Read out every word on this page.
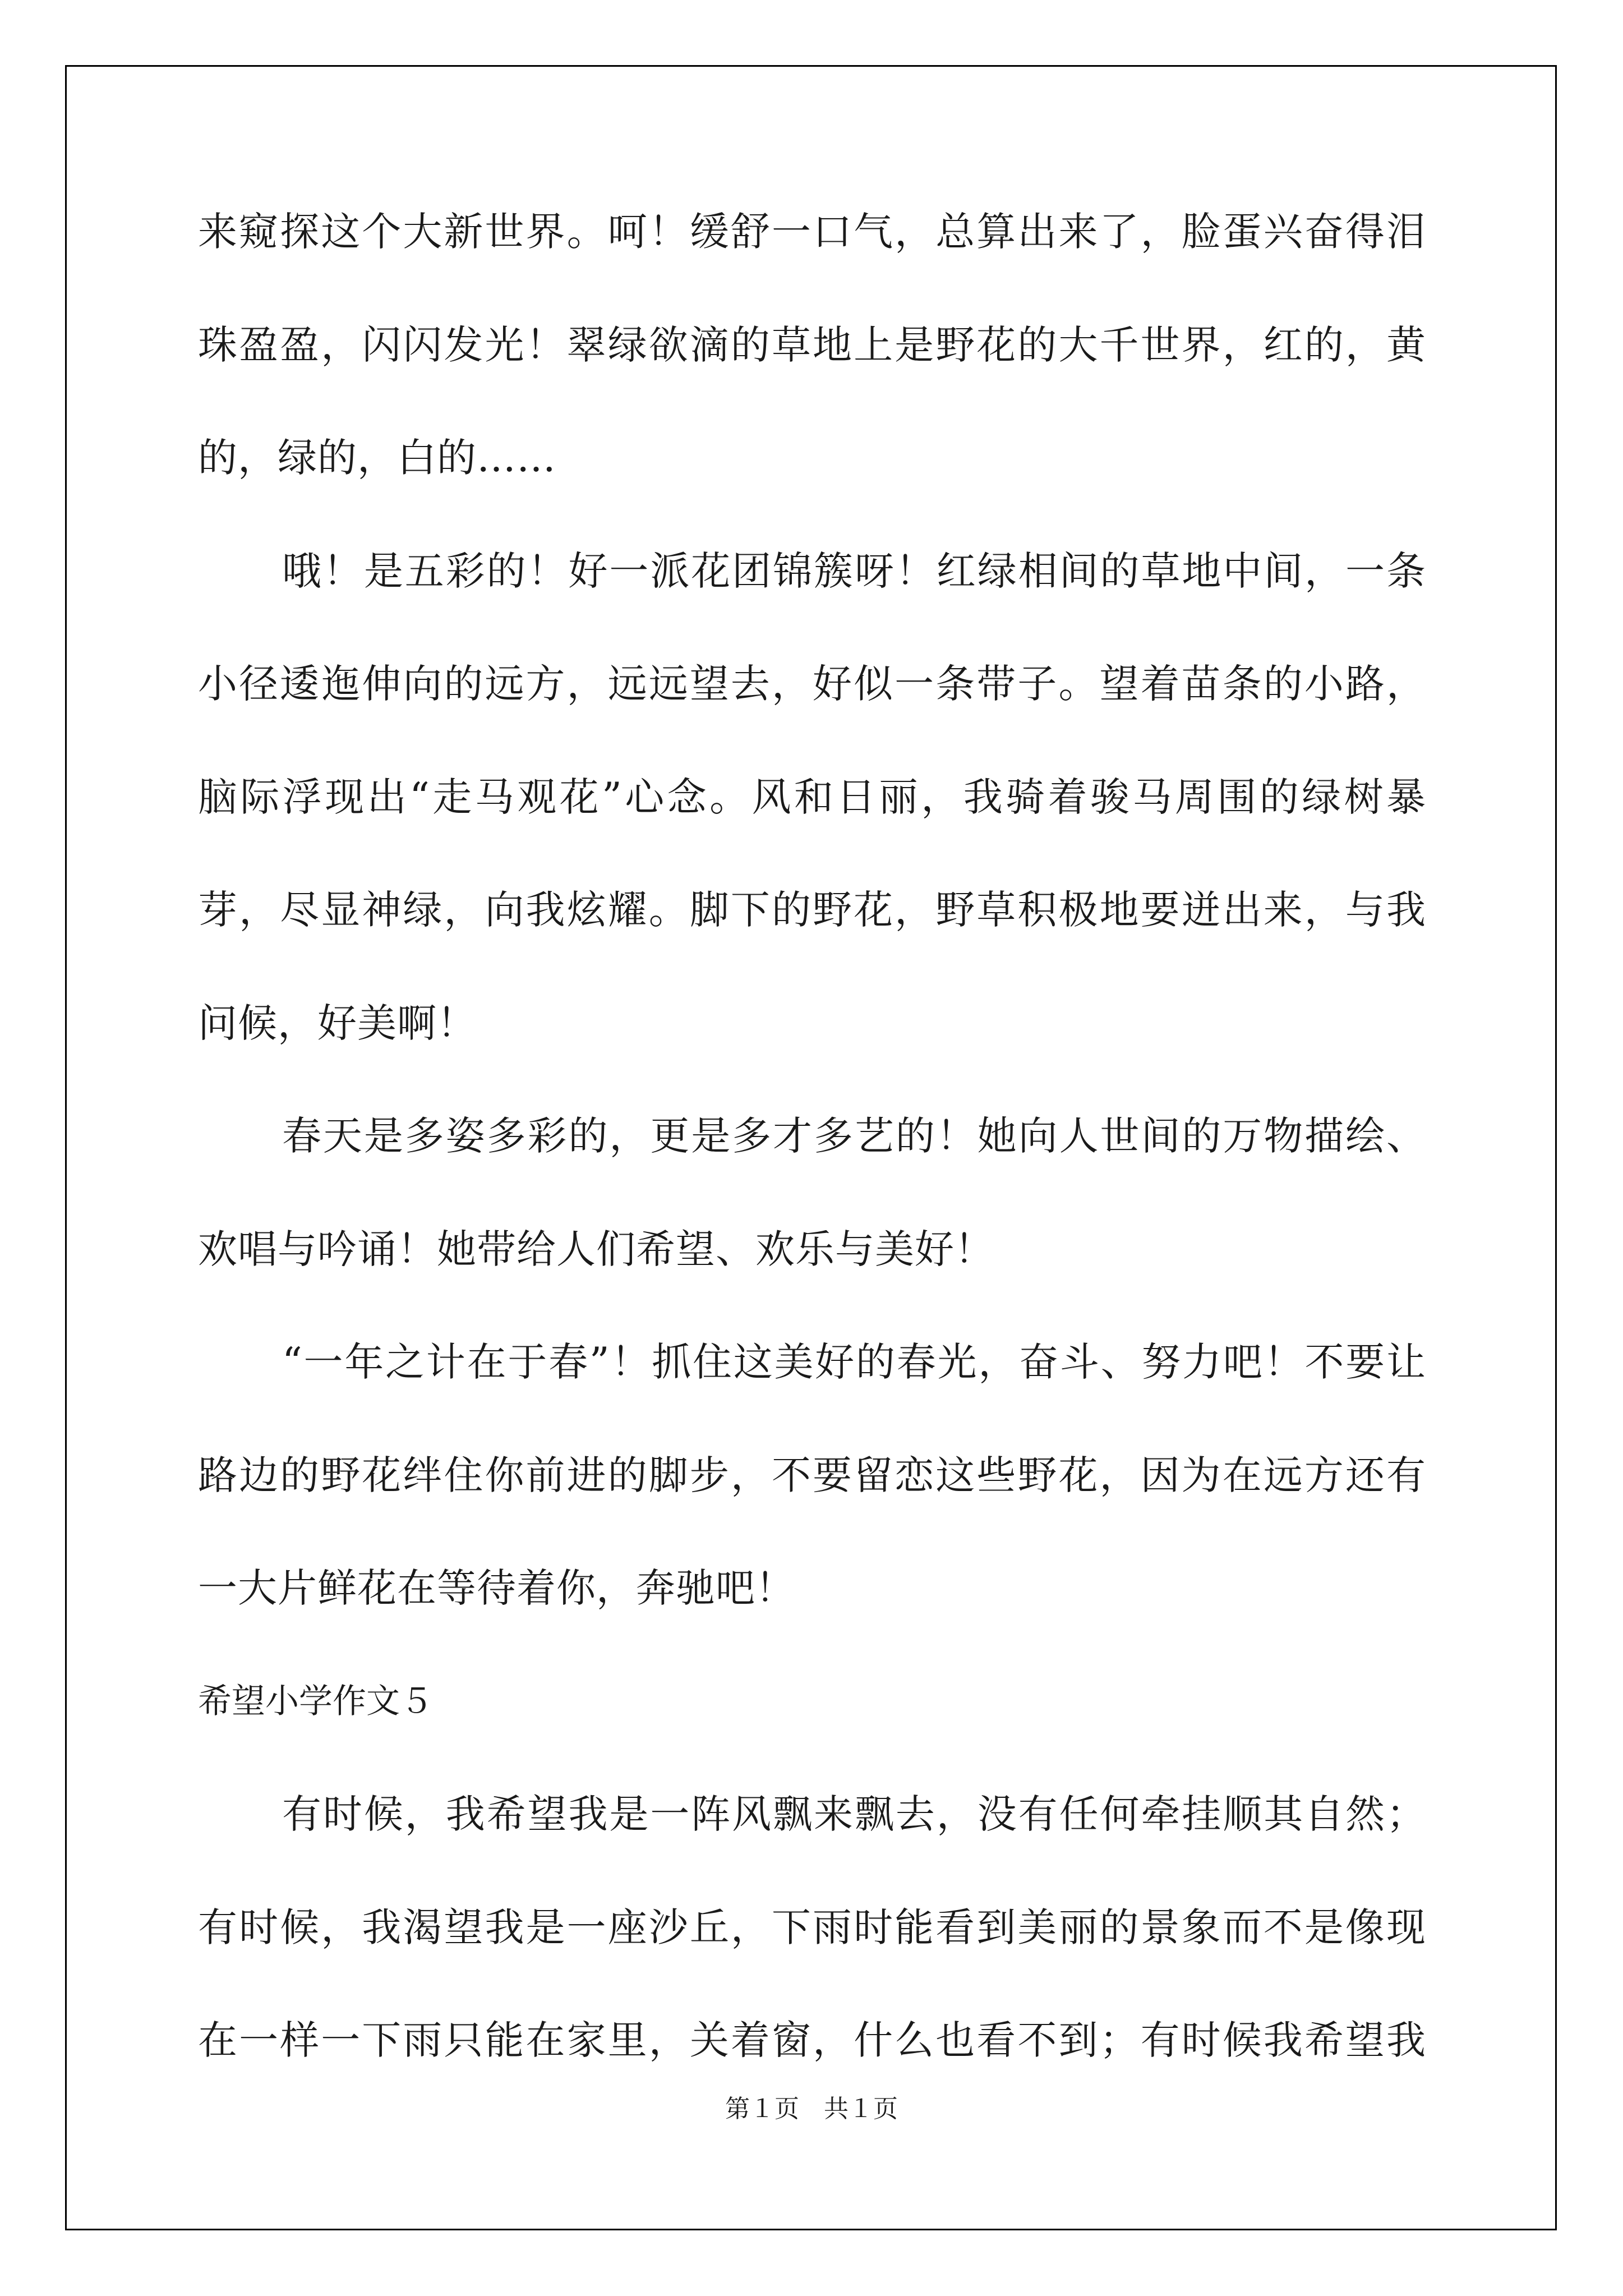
来窥探这个大新世界。呵！缓舒一口气，总算出来了，脸蛋兴奋得泪
珠盈盈，闪闪发光！翠绿欲滴的草地上是野花的大千世界，红的，黄
的，绿的，白的……
哦！是五彩的！好一派花团锦簇呀！红绿相间的草地中间，一条
小径逶迤伸向的远方，远远望去，好似一条带子。望着苗条的小路，
脑际浮现出“走马观花”心念。风和日丽，我骑着骏马周围的绿树暴
芽，尽显神绿，向我炫耀。脚下的野花，野草积极地要迸出来，与我
问候，好美啊！
春天是多姿多彩的，更是多才多艺的！她向人世间的万物描绘、
欢唱与吟诵！她带给人们希望、欢乐与美好！
“一年之计在于春”！抓住这美好的春光，奋斗、努力吧！不要让
路边的野花绊住你前进的脚步，不要留恋这些野花，因为在远方还有
一大片鲜花在等待着你，奔驰吧！
希望小学作文５
有时候，我希望我是一阵风飘来飘去，没有任何牵挂顺其自然；
有时候，我渴望我是一座沙丘，下雨时能看到美丽的景象而不是像现
在一样一下雨只能在家里，关着窗，什么也看不到；有时候我希望我
第１页　共１页
